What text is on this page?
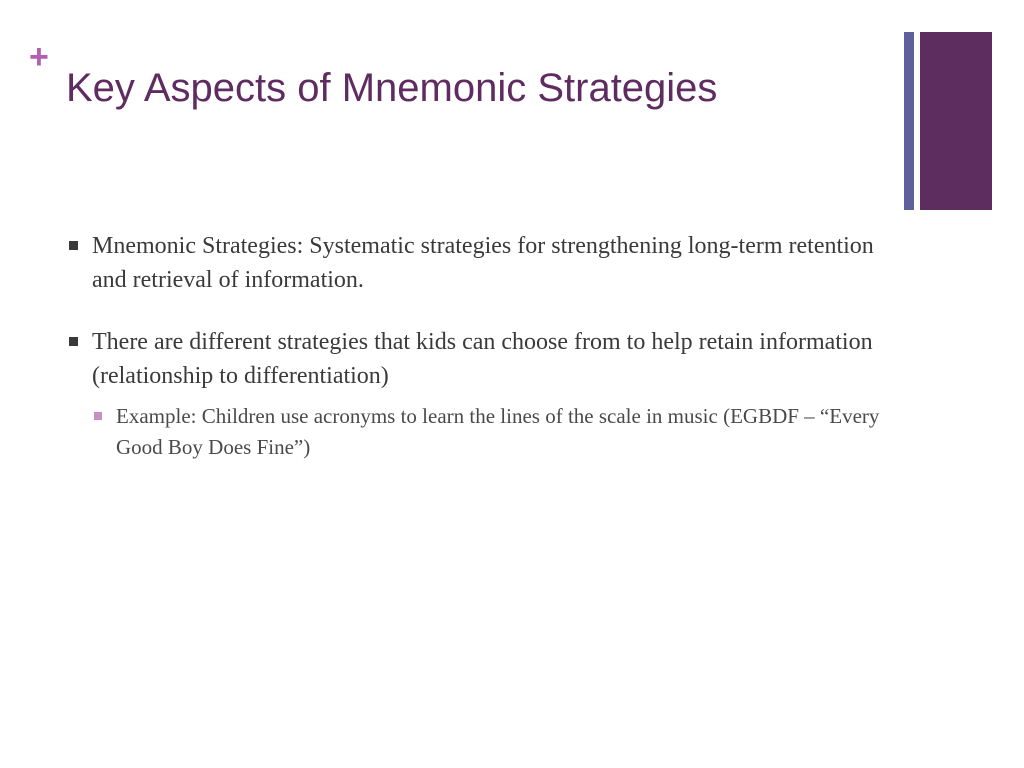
+
Key Aspects of Mnemonic Strategies
Mnemonic Strategies: Systematic strategies for strengthening long-term retention and retrieval of information.
There are different strategies that kids can choose from to help retain information (relationship to differentiation)
Example: Children use acronyms to learn the lines of the scale in music (EGBDF – “Every Good Boy Does Fine”)
